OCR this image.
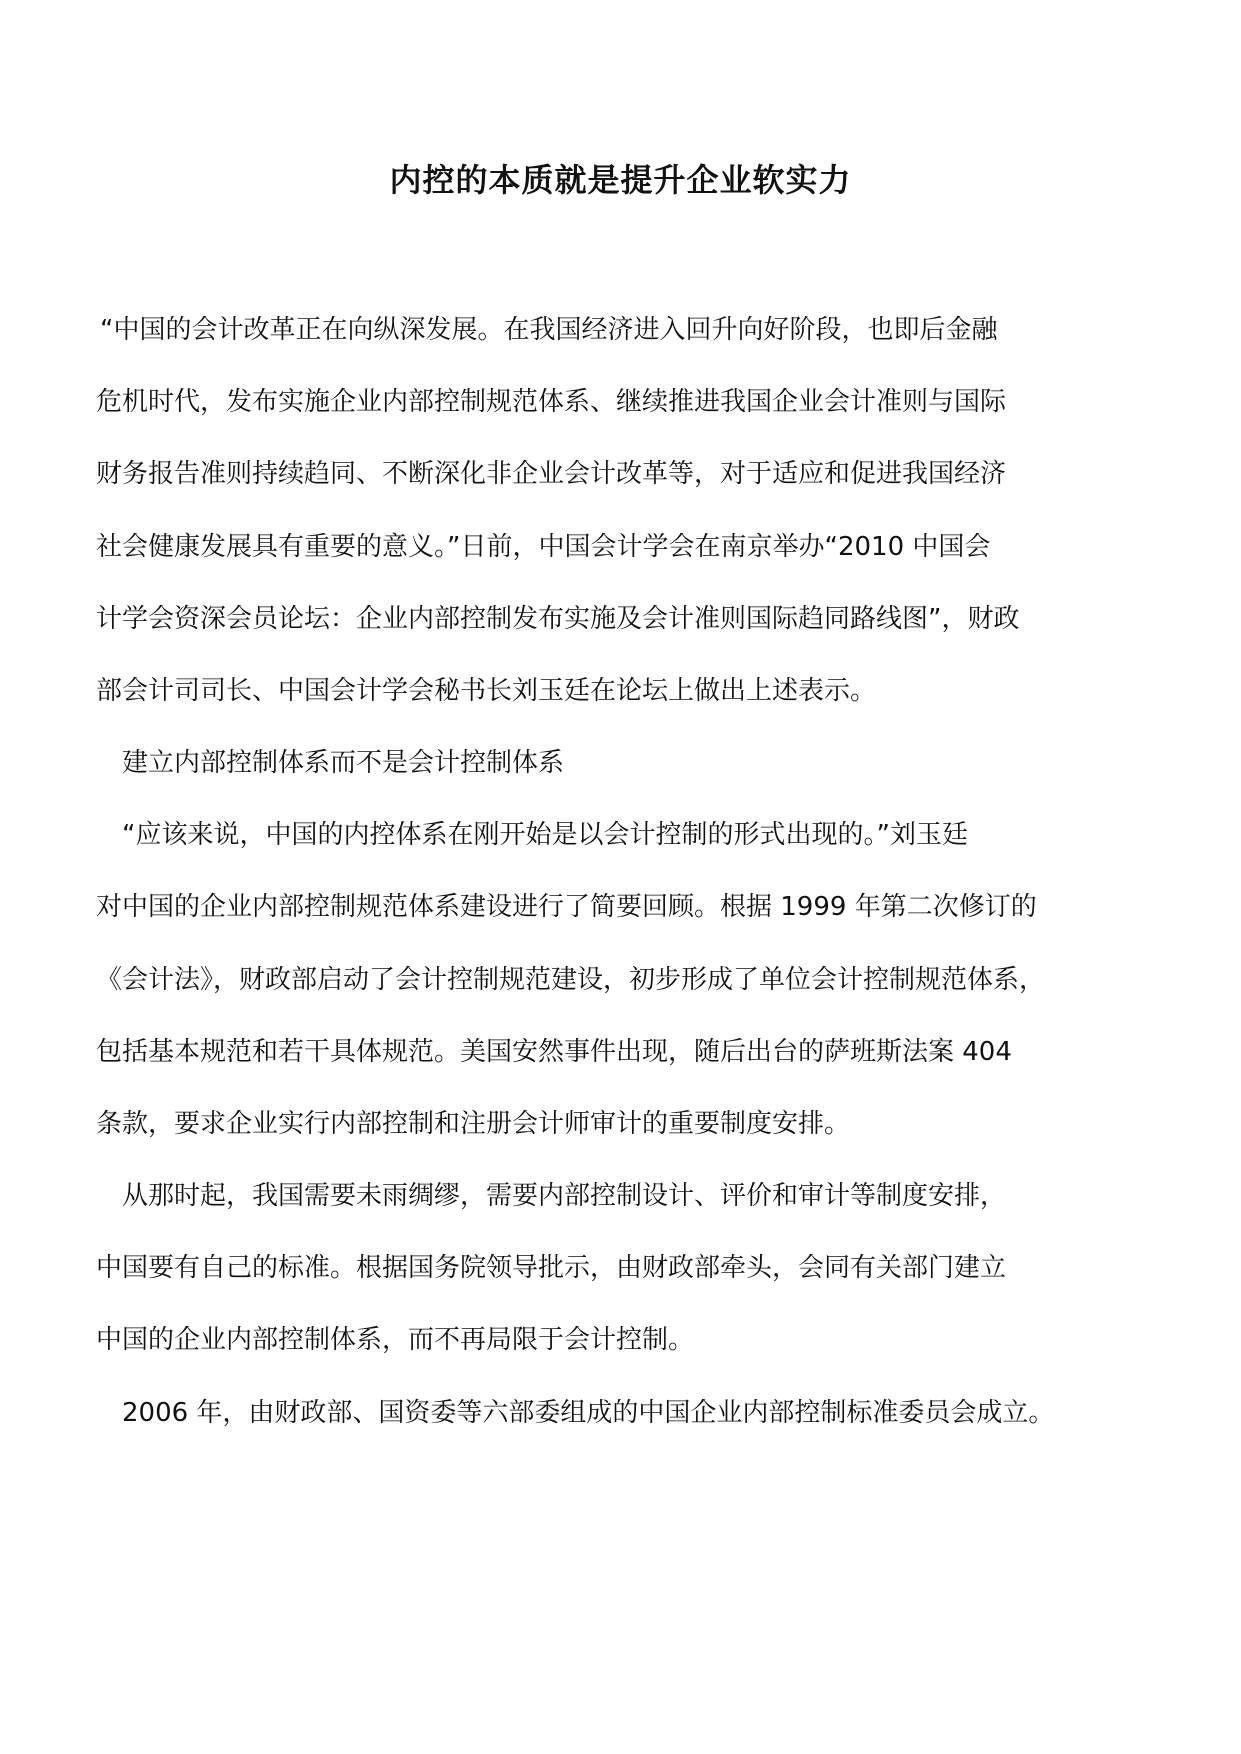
内控的本质就是提升企业软实力
“中国的会计改革正在向纵深发展。在我国经济进入回升向好阶段，也即后金融
危机时代，发布实施企业内部控制规范体系、继续推进我国企业会计准则与国际
财务报告准则持续趋同、不断深化非企业会计改革等，对于适应和促进我国经济
社会健康发展具有重要的意义。”日前，中国会计学会在南京举办“2010 中国会
计学会资深会员论坛：企业内部控制发布实施及会计准则国际趋同路线图”，财政
部会计司司长、中国会计学会秘书长刘玉廷在论坛上做出上述表示。
建立内部控制体系而不是会计控制体系
“应该来说，中国的内控体系在刚开始是以会计控制的形式出现的。”刘玉廷
对中国的企业内部控制规范体系建设进行了简要回顾。根据 1999 年第二次修订的
《会计法》，财政部启动了会计控制规范建设，初步形成了单位会计控制规范体系，
包括基本规范和若干具体规范。美国安然事件出现，随后出台的萨班斯法案 404
条款，要求企业实行内部控制和注册会计师审计的重要制度安排。
从那时起，我国需要未雨绸缪，需要内部控制设计、评价和审计等制度安排，
中国要有自己的标准。根据国务院领导批示，由财政部牵头，会同有关部门建立
中国的企业内部控制体系，而不再局限于会计控制。
2006 年，由财政部、国资委等六部委组成的中国企业内部控制标准委员会成立。
